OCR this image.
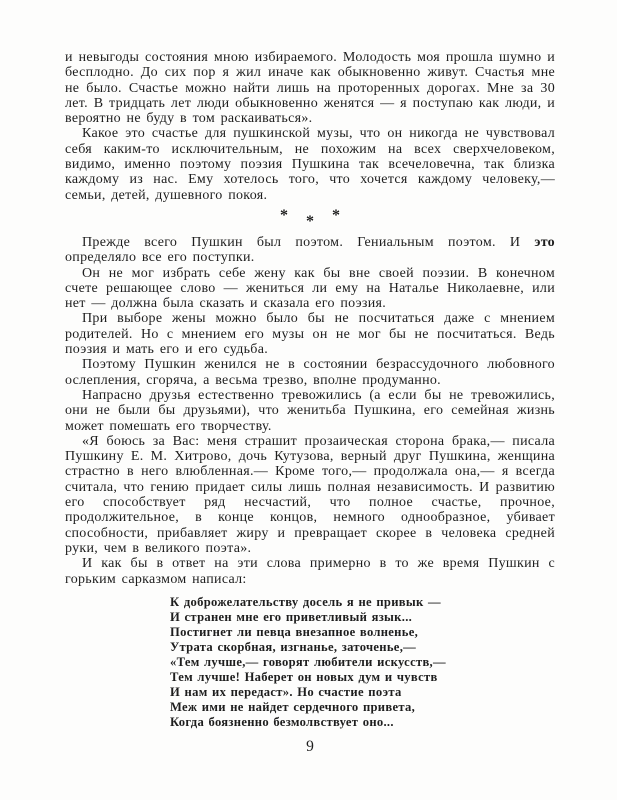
и невыгоды состояния мною избираемого. Молодость моя прошла шумно и бесплодно. До сих пор я жил иначе как обыкновенно живут. Счастья мне не было. Счастье можно найти лишь на проторенных дорогах. Мне за 30 лет. В тридцать лет люди обыкновенно женятся — я поступаю как люди, и вероятно не буду в том раскаиваться».

Какое это счастье для пушкинской музы, что он никогда не чувствовал себя каким-то исключительным, не похожим на всех сверхчеловеком, видимо, именно поэтому поэзия Пушкина так всечеловечна, так близка каждому из нас. Ему хотелось того, что хочется каждому человеку,— семьи, детей, душевного покоя.

* * *

Прежде всего Пушкин был поэтом. Гениальным поэтом. И это определяло все его поступки.

Он не мог избрать себе жену как бы вне своей поэзии. В конечном счете решающее слово — жениться ли ему на Наталье Николаевне, или нет — должна была сказать и сказала его поэзия.

При выборе жены можно было бы не посчитаться даже с мнением родителей. Но с мнением его музы он не мог бы не посчитаться. Ведь поэзия и мать его и его судьба.

Поэтому Пушкин женился не в состоянии безрассудочного любовного ослепления, сгоряча, а весьма трезво, вполне продуманно.

Напрасно друзья естественно тревожились (а если бы не тревожились, они не были бы друзьями), что женитьба Пушкина, его семейная жизнь может помешать его творчеству.

«Я боюсь за Вас: меня страшит прозаическая сторона брака,— писала Пушкину Е. М. Хитрово, дочь Кутузова, верный друг Пушкина, женщина страстно в него влюбленная.— Кроме того,— продолжала она,— я всегда считала, что гению придает силы лишь полная независимость. И развитию его способствует ряд несчастий, что полное счастье, прочное, продолжительное, в конце концов, немного однообразное, убивает способности, прибавляет жиру и превращает скорее в человека средней руки, чем в великого поэта».

И как бы в ответ на эти слова примерно в то же время Пушкин с горьким сарказмом написал:

К доброжелательству досель я не привык —
И странен мне его приветливый язык...
Постигнет ли певца внезапное волненье,
Утрата скорбная, изгнанье, заточенье,—
«Тем лучше,— говорят любители искусств,—
Тем лучше! Наберет он новых дум и чувств
И нам их передаст». Но счастие поэта
Меж ими не найдет сердечного привета,
Когда боязненно безмолвствует оно...
9
